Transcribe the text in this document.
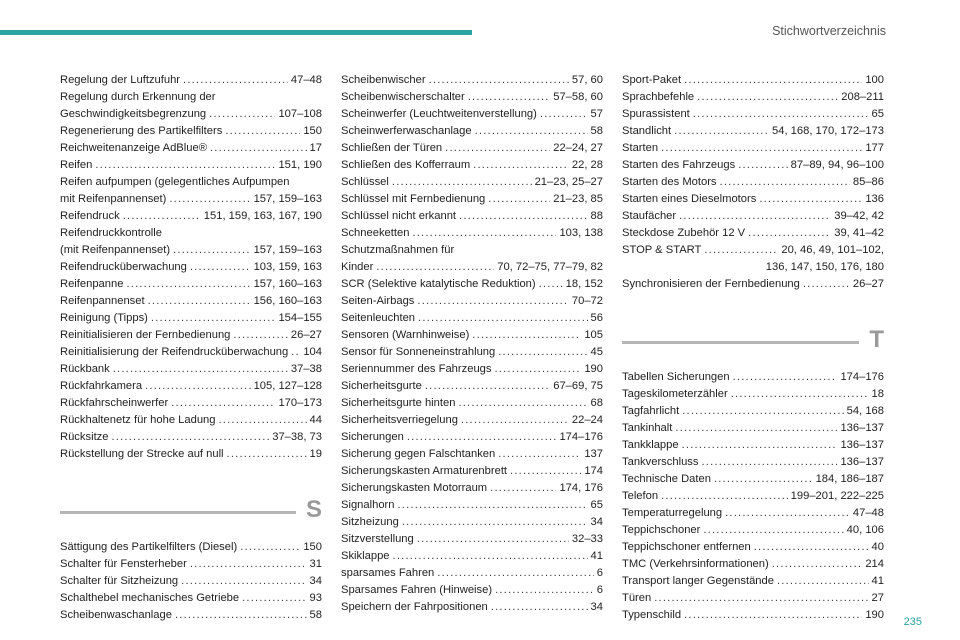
Stichwortverzeichnis
Regelung der Luftzufuhr .....	47–48
Regelung durch Erkennung der
Geschwindigkeitsbegrenzung .....	107–108
Regenerierung des Partikelfilters .....	150
Reichweitenanzeige AdBlue® .....	17
Reifen .....	151, 190
Reifen aufpumpen (gelegentliches Aufpumpen
mit Reifenpannenset) .....	157, 159–163
Reifendruck .....	151, 159, 163, 167, 190
Reifendruckkontrolle
(mit Reifenpannenset) .....	157, 159–163
Reifendrucküberwachung .....	103, 159, 163
Reifenpanne .....	157, 160–163
Reifenpannenset .....	156, 160–163
Reinigung (Tipps) .....	154–155
Reinitialisieren der Fernbedienung .....	26–27
Reinitialisierung der Reifendrucküberwachung ..... 104
Rückbank .....	37–38
Rückfahrkamera .....	105, 127–128
Rückfahrscheinwerfer .....	170–173
Rückhaltenetz für hohe Ladung .....	44
Rücksitze .....	37–38, 73
Rückstellung der Strecke auf null .....	19
S
Sättigung des Partikelfilters (Diesel) .....	150
Schalter für Fensterheber .....	31
Schalter für Sitzheizung .....	34
Schalthebel mechanisches Getriebe .....	93
Scheibenwaschanlage .....	58
Scheibenwischer .....	57, 60
Scheibenwischerschalter .....	57–58, 60
Scheinwerfer (Leuchtweitenverstellung) .....	57
Scheinwerferwaschanlage .....	58
Schließen der Türen .....	22–24, 27
Schließen des Kofferraum .....	22, 28
Schlüssel .....	21–23, 25–27
Schlüssel mit Fernbedienung .....	21–23, 85
Schlüssel nicht erkannt .....	88
Schneeketten .....	103, 138
Schutzmaßnahmen für
Kinder .....	70, 72–75, 77–79, 82
SCR (Selektive katalytische Reduktion) .....	18, 152
Seiten-Airbags .....	70–72
Seitenleuchten .....	56
Sensoren (Warnhinweise) .....	105
Sensor für Sonneneinstrahlung .....	45
Seriennummer des Fahrzeugs .....	190
Sicherheitsgurte .....	67–69, 75
Sicherheitsgurte hinten .....	68
Sicherheitsverriegelung .....	22–24
Sicherungen .....	174–176
Sicherung gegen Falschtanken .....	137
Sicherungskasten Armaturenbrett .....	174
Sicherungskasten Motorraum .....	174, 176
Signalhorn .....	65
Sitzheizung .....	34
Sitzverstellung .....	32–33
Skiklappe .....	41
sparsames Fahren .....	6
Sparsames Fahren (Hinweise) .....	6
Speichern der Fahrpositionen .....	34
Sport-Paket .....	100
Sprachbefehle .....	208–211
Spurassistent .....	65
Standlicht .....	54, 168, 170, 172–173
Starten .....	177
Starten des Fahrzeugs .....	87–89, 94, 96–100
Starten des Motors .....	85–86
Starten eines Dieselmotors .....	136
Staufächer .....	39–42, 42
Steckdose Zubehör 12 V .....	39, 41–42
STOP & START .....	20, 46, 49, 101–102,
136, 147, 150, 176, 180
Synchronisieren der Fernbedienung .....	26–27
T
Tabellen Sicherungen .....	174–176
Tageskilometerzähler .....	18
Tagfahrlicht .....	54, 168
Tankinhalt .....	136–137
Tankklappe .....	136–137
Tankverschluss .....	136–137
Technische Daten .....	184, 186–187
Telefon .....	199–201, 222–225
Temperaturregelung .....	47–48
Teppichschoner .....	40, 106
Teppichschoner entfernen .....	40
TMC (Verkehrsinformationen) .....	214
Transport langer Gegenstände .....	41
Türen .....	27
Typenschild .....	190
235
